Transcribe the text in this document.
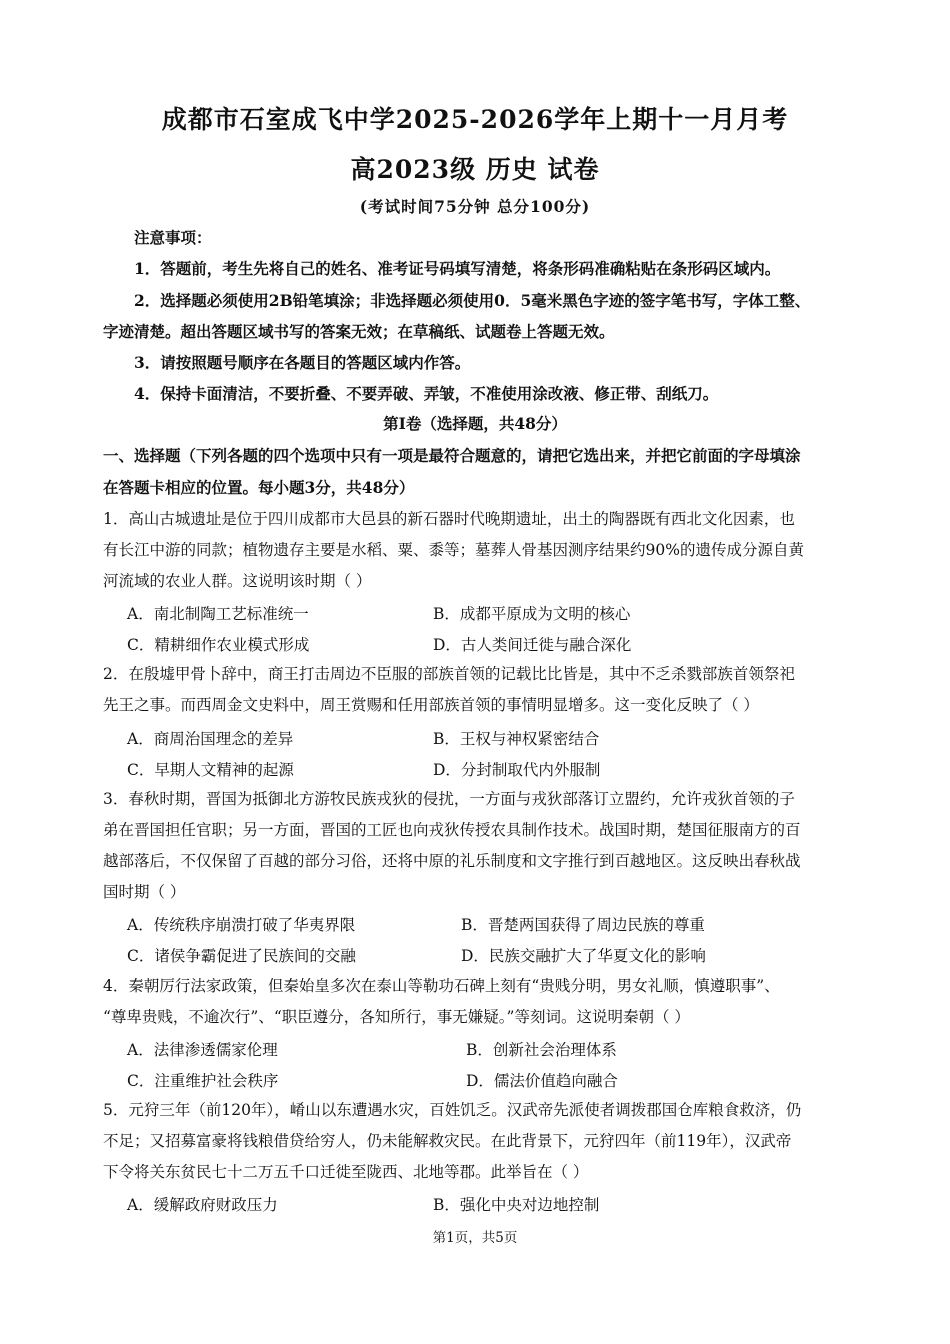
成都市石室成飞中学2025-2026学年上期十一月月考
高2023级 历史 试卷
(考试时间75分钟 总分100分)
注意事项：
1．答题前，考生先将自己的姓名、准考证号码填写清楚，将条形码准确粘贴在条形码区域内。
2．选择题必须使用2B铅笔填涂；非选择题必须使用0．5毫米黑色字迹的签字笔书写，字体工整、
字迹清楚。超出答题区域书写的答案无效；在草稿纸、试题卷上答题无效。
3．请按照题号顺序在各题目的答题区域内作答。
4．保持卡面清洁，不要折叠、不要弄破、弄皱，不准使用涂改液、修正带、刮纸刀。
第Ⅰ卷（选择题，共48分）
一、选择题（下列各题的四个选项中只有一项是最符合题意的，请把它选出来，并把它前面的字母填涂
在答题卡相应的位置。每小题3分，共48分）
1．高山古城遗址是位于四川成都市大邑县的新石器时代晚期遗址，出土的陶器既有西北文化因素，也
有长江中游的同款；植物遗存主要是水稻、粟、黍等；墓葬人骨基因测序结果约90%的遗传成分源自黄
河流域的农业人群。这说明该时期（ ）
A．南北制陶工艺标准统一	B．成都平原成为文明的核心
C．精耕细作农业模式形成	D．古人类间迁徙与融合深化
2．在殷墟甲骨卜辞中，商王打击周边不臣服的部族首领的记载比比皆是，其中不乏杀戮部族首领祭祀
先王之事。而西周金文史料中，周王赏赐和任用部族首领的事情明显增多。这一变化反映了（ ）
A．商周治国理念的差异	B．王权与神权紧密结合
C．早期人文精神的起源	D．分封制取代内外服制
3．春秋时期，晋国为抵御北方游牧民族戎狄的侵扰，一方面与戎狄部落订立盟约，允许戎狄首领的子
弟在晋国担任官职；另一方面，晋国的工匠也向戎狄传授农具制作技术。战国时期，楚国征服南方的百
越部落后，不仅保留了百越的部分习俗，还将中原的礼乐制度和文字推行到百越地区。这反映出春秋战
国时期（ ）
A．传统秩序崩溃打破了华夷界限	B．晋楚两国获得了周边民族的尊重
C．诸侯争霸促进了民族间的交融	D．民族交融扩大了华夏文化的影响
4．秦朝厉行法家政策，但秦始皇多次在泰山等勒功石碑上刻有“贵贱分明，男女礼顺，慎遵职事”、
“尊卑贵贱，不逾次行”、“职臣遵分，各知所行，事无嫌疑。”等刻词。这说明秦朝（ ）
A．法律渗透儒家伦理	B．创新社会治理体系
C．注重维护社会秩序	D．儒法价值趋向融合
5．元狩三年（前120年），崤山以东遭遇水灾，百姓饥乏。汉武帝先派使者调拨郡国仓库粮食救济，仍
不足；又招募富豪将钱粮借贷给穷人，仍未能解救灾民。在此背景下，元狩四年（前119年），汉武帝
下令将关东贫民七十二万五千口迁徙至陇西、北地等郡。此举旨在（ ）
A．缓解政府财政压力	B．强化中央对边地控制
第1页，共5页
